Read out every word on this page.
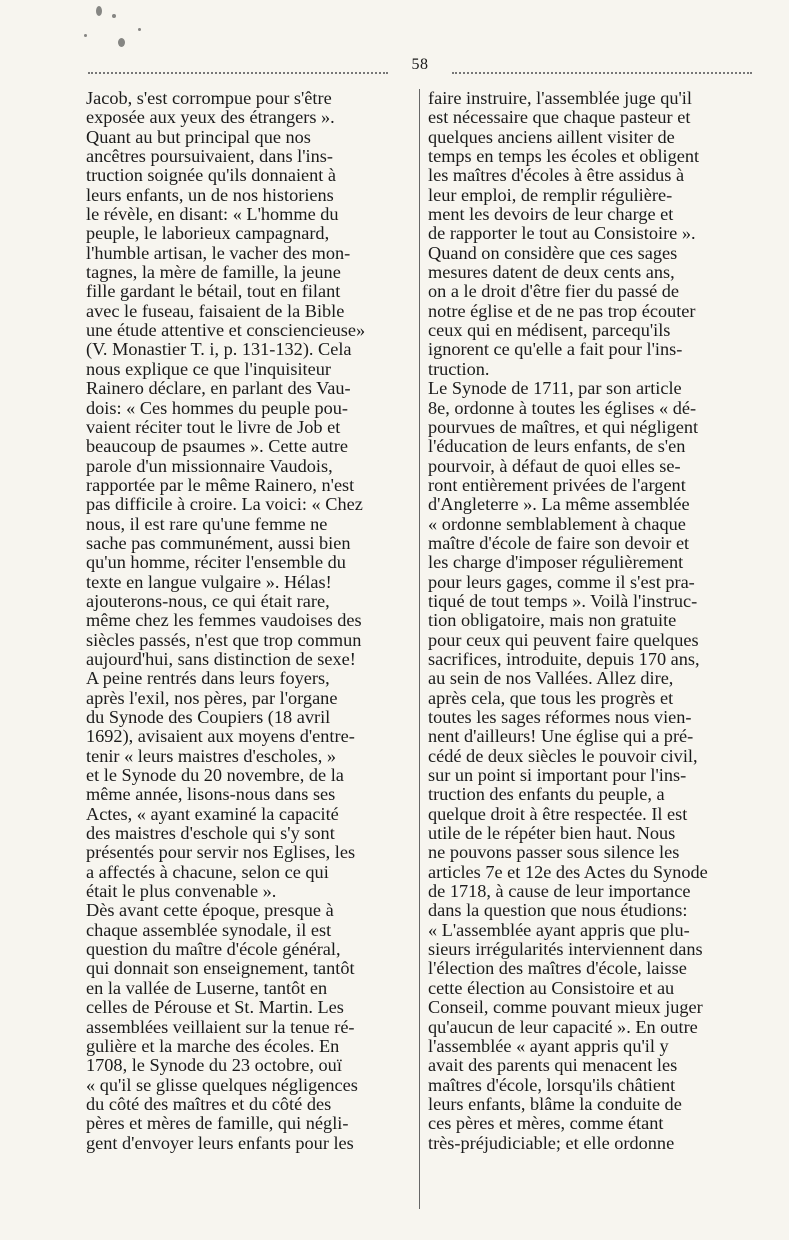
58
Jacob, s'est corrompue pour s'être
exposée aux yeux des étrangers ».
Quant au but principal que nos
ancêtres poursuivaient, dans l'ins-
truction soignée qu'ils donnaient à
leurs enfants, un de nos historiens
le révèle, en disant: « L'homme du
peuple, le laborieux campagnard,
l'humble artisan, le vacher des mon-
tagnes, la mère de famille, la jeune
fille gardant le bétail, tout en filant
avec le fuseau, faisaient de la Bible
une étude attentive et consciencieuse»
(V. Monastier T. i, p. 131-132). Cela
nous explique ce que l'inquisiteur
Rainero déclare, en parlant des Vau-
dois: « Ces hommes du peuple pou-
vaient réciter tout le livre de Job et
beaucoup de psaumes ». Cette autre
parole d'un missionnaire Vaudois,
rapportée par le même Rainero, n'est
pas difficile à croire. La voici: « Chez
nous, il est rare qu'une femme ne
sache pas communément, aussi bien
qu'un homme, réciter l'ensemble du
texte en langue vulgaire ». Hélas!
ajouterons-nous, ce qui était rare,
même chez les femmes vaudoises des
siècles passés, n'est que trop commun
aujourd'hui, sans distinction de sexe!
A peine rentrés dans leurs foyers,
après l'exil, nos pères, par l'organe
du Synode des Coupiers (18 avril
1692), avisaient aux moyens d'entre-
tenir « leurs maistres d'escholes, »
et le Synode du 20 novembre, de la
même année, lisons-nous dans ses
Actes, « ayant examiné la capacité
des maistres d'eschole qui s'y sont
présentés pour servir nos Eglises, les
a affectés à chacune, selon ce qui
était le plus convenable ».
Dès avant cette époque, presque à
chaque assemblée synodale, il est
question du maître d'école général,
qui donnait son enseignement, tantôt
en la vallée de Luserne, tantôt en
celles de Pérouse et St. Martin. Les
assemblées veillaient sur la tenue ré-
gulière et la marche des écoles. En
1708, le Synode du 23 octobre, ouï
« qu'il se glisse quelques négligences
du côté des maîtres et du côté des
pères et mères de famille, qui négli-
gent d'envoyer leurs enfants pour les
faire instruire, l'assemblée juge qu'il
est nécessaire que chaque pasteur et
quelques anciens aillent visiter de
temps en temps les écoles et obligent
les maîtres d'écoles à être assidus à
leur emploi, de remplir régulière-
ment les devoirs de leur charge et
de rapporter le tout au Consistoire ».
Quand on considère que ces sages
mesures datent de deux cents ans,
on a le droit d'être fier du passé de
notre église et de ne pas trop écouter
ceux qui en médisent, parcequ'ils
ignorent ce qu'elle a fait pour l'ins-
truction.
Le Synode de 1711, par son article
8e, ordonne à toutes les églises « dé-
pourvues de maîtres, et qui négligent
l'éducation de leurs enfants, de s'en
pourvoir, à défaut de quoi elles se-
ront entièrement privées de l'argent
d'Angleterre ». La même assemblée
« ordonne semblablement à chaque
maître d'école de faire son devoir et
les charge d'imposer régulièrement
pour leurs gages, comme il s'est pra-
tiqué de tout temps ». Voilà l'instruc-
tion obligatoire, mais non gratuite
pour ceux qui peuvent faire quelques
sacrifices, introduite, depuis 170 ans,
au sein de nos Vallées. Allez dire,
après cela, que tous les progrès et
toutes les sages réformes nous vien-
nent d'ailleurs! Une église qui a pré-
cédé de deux siècles le pouvoir civil,
sur un point si important pour l'ins-
truction des enfants du peuple, a
quelque droit à être respectée. Il est
utile de le répéter bien haut. Nous
ne pouvons passer sous silence les
articles 7e et 12e des Actes du Synode
de 1718, à cause de leur importance
dans la question que nous étudions:
« L'assemblée ayant appris que plu-
sieurs irrégularités interviennent dans
l'élection des maîtres d'école, laisse
cette élection au Consistoire et au
Conseil, comme pouvant mieux juger
qu'aucun de leur capacité ». En outre
l'assemblée « ayant appris qu'il y
avait des parents qui menacent les
maîtres d'école, lorsqu'ils châtient
leurs enfants, blâme la conduite de
ces pères et mères, comme étant
très-préjudiciable; et elle ordonne
